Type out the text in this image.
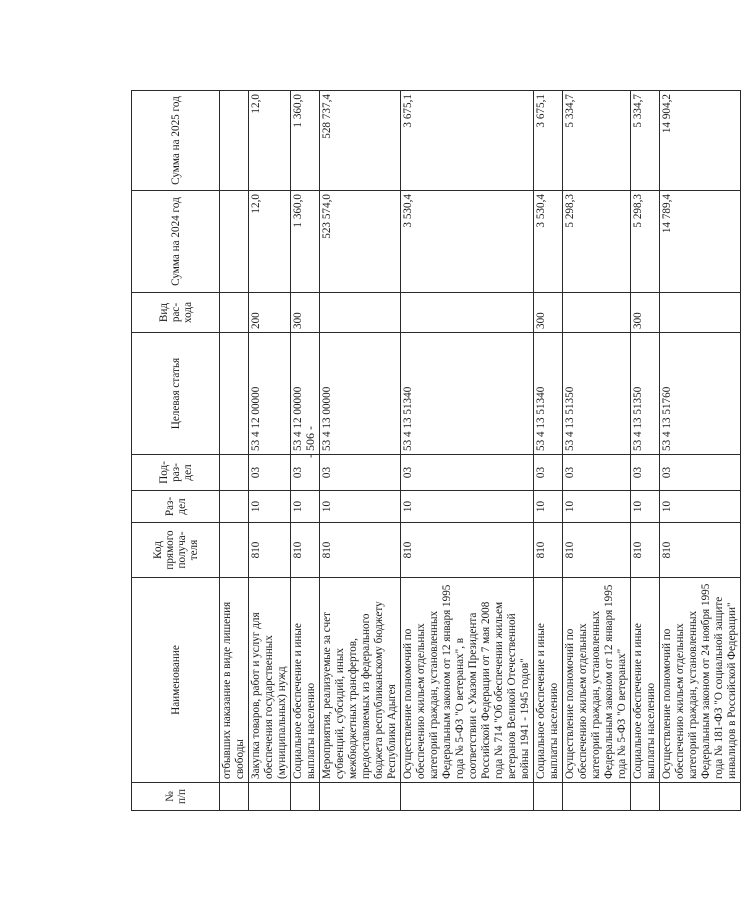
- 506 -
№ п/п	Наименование	Код прямого получа-теля	Раз-дел	Под-раз-дел	Целевая статья	Вид рас-хода	Сумма на 2024 год	Сумма на 2025 год
	отбывших наказание в виде лишения свободы							
	Закупка товаров, работ и услуг для обеспечения государственных (муниципальных) нужд	810	10	03	53 4 12 00000	200	12,0	12,0
	Социальное обеспечение и иные выплаты населению	810	10	03	53 4 12 00000	300	1 360,0	1 360,0
	Мероприятия, реализуемые за счет субвенций, субсидий, иных межбюджетных трансфертов, предоставляемых из федерального бюджета республиканскому бюджету Республики Адыгея	810	10	03	53 4 13 00000		523 574,0	528 737,4
	Осуществление полномочий по обеспечению жильем отдельных категорий граждан, установленных Федеральным законом от 12 января 1995 года № 5-ФЗ "О ветеранах", в соответствии с Указом Президента Российской Федерации от 7 мая 2008 года № 714 "Об обеспечении жильем ветеранов Великой Отечественной войны 1941 - 1945 годов"	810	10	03	53 4 13 51340		3 530,4	3 675,1
	Социальное обеспечение и иные выплаты населению	810	10	03	53 4 13 51340	300	3 530,4	3 675,1
	Осуществление полномочий по обеспечению жильем отдельных категорий граждан, установленных Федеральным законом от 12 января 1995 года № 5-ФЗ "О ветеранах"	810	10	03	53 4 13 51350		5 298,3	5 334,7
	Социальное обеспечение и иные выплаты населению	810	10	03	53 4 13 51350	300	5 298,3	5 334,7
	Осуществление полномочий по обеспечению жильем отдельных категорий граждан, установленных Федеральным законом от 24 ноября 1995 года № 181-ФЗ "О социальной защите инвалидов в Российской Федерации"	810	10	03	53 4 13 51760		14 789,4	14 904,2
